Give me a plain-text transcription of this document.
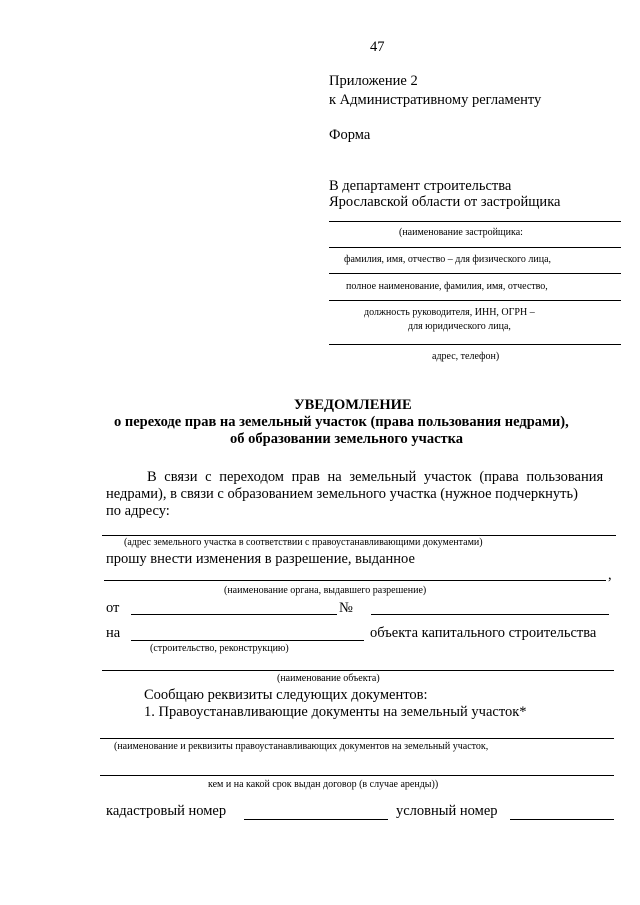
47
Приложение 2
к Административному регламенту
Форма
В департамент строительства
Ярославской области от застройщика
(наименование застройщика:
фамилия, имя, отчество – для физического лица,
полное наименование, фамилия, имя, отчество,
должность руководителя, ИНН, ОГРН –
для юридического лица,
адрес, телефон)
УВЕДОМЛЕНИЕ
о переходе прав на земельный участок (права пользования недрами),
об образовании земельного участка
В связи с переходом прав на земельный участок (права пользования
недрами), в связи с образованием земельного участка (нужное подчеркнуть)
по адресу:
(адрес земельного участка в соответствии с правоустанавливающими документами)
прошу внести изменения в разрешение, выданное
,
(наименование органа, выдавшего разрешение)
от	№
на	объекта капитального строительства
(строительство, реконструкцию)
(наименование объекта)
Сообщаю реквизиты следующих документов:
1. Правоустанавливающие документы на земельный участок*
(наименование и реквизиты правоустанавливающих документов на земельный участок,
кем и на какой срок выдан договор (в случае аренды))
кадастровый номер	условный номер
